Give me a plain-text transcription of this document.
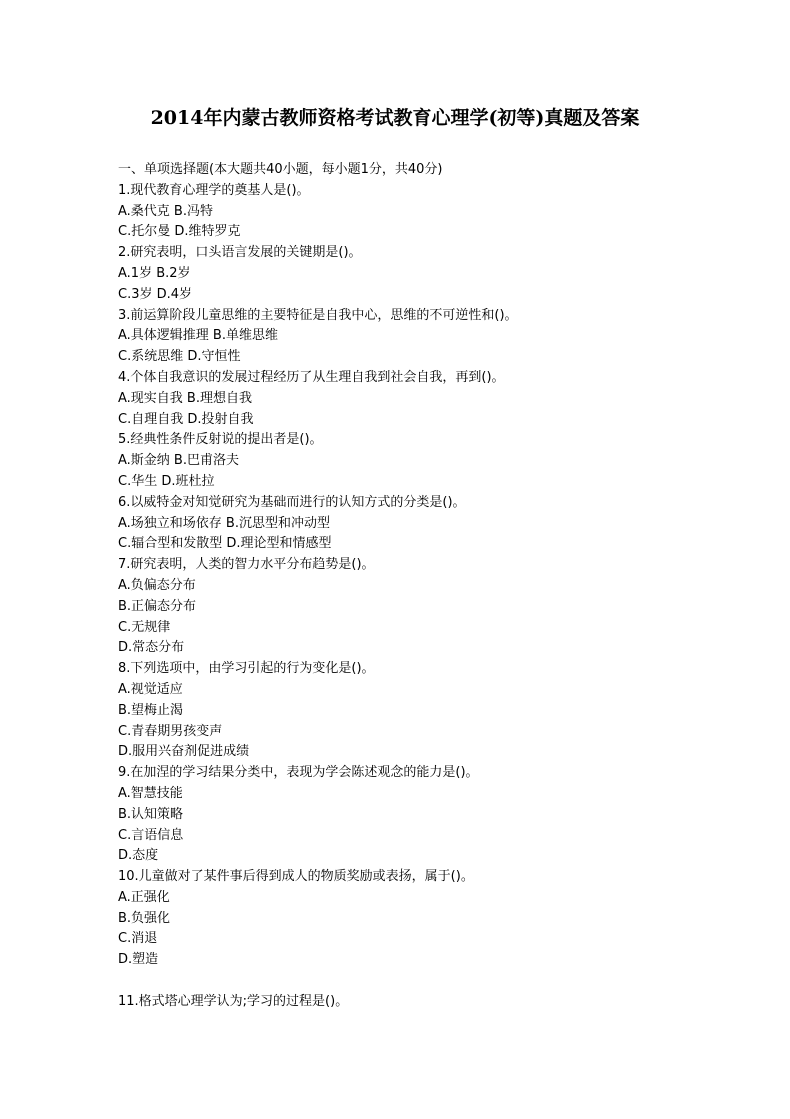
2014年内蒙古教师资格考试教育心理学(初等)真题及答案
一、单项选择题(本大题共40小题，每小题1分，共40分)
1.现代教育心理学的奠基人是()。
A.桑代克 B.冯特
C.托尔曼 D.维特罗克
2.研究表明，口头语言发展的关键期是()。
A.1岁 B.2岁
C.3岁 D.4岁
3.前运算阶段儿童思维的主要特征是自我中心，思维的不可逆性和()。
A.具体逻辑推理 B.单维思维
C.系统思维 D.守恒性
4.个体自我意识的发展过程经历了从生理自我到社会自我，再到()。
A.现实自我 B.理想自我
C.自理自我 D.投射自我
5.经典性条件反射说的提出者是()。
A.斯金纳 B.巴甫洛夫
C.华生 D.班杜拉
6.以威特金对知觉研究为基础而进行的认知方式的分类是()。
A.场独立和场依存 B.沉思型和冲动型
C.辐合型和发散型 D.理论型和情感型
7.研究表明，人类的智力水平分布趋势是()。
A.负偏态分布
B.正偏态分布
C.无规律
D.常态分布
8.下列选项中，由学习引起的行为变化是()。
A.视觉适应
B.望梅止渴
C.青春期男孩变声
D.服用兴奋剂促进成绩
9.在加涅的学习结果分类中，表现为学会陈述观念的能力是()。
A.智慧技能
B.认知策略
C.言语信息
D.态度
10.儿童做对了某件事后得到成人的物质奖励或表扬，属于()。
A.正强化
B.负强化
C.消退
D.塑造
11.格式塔心理学认为;学习的过程是()。
